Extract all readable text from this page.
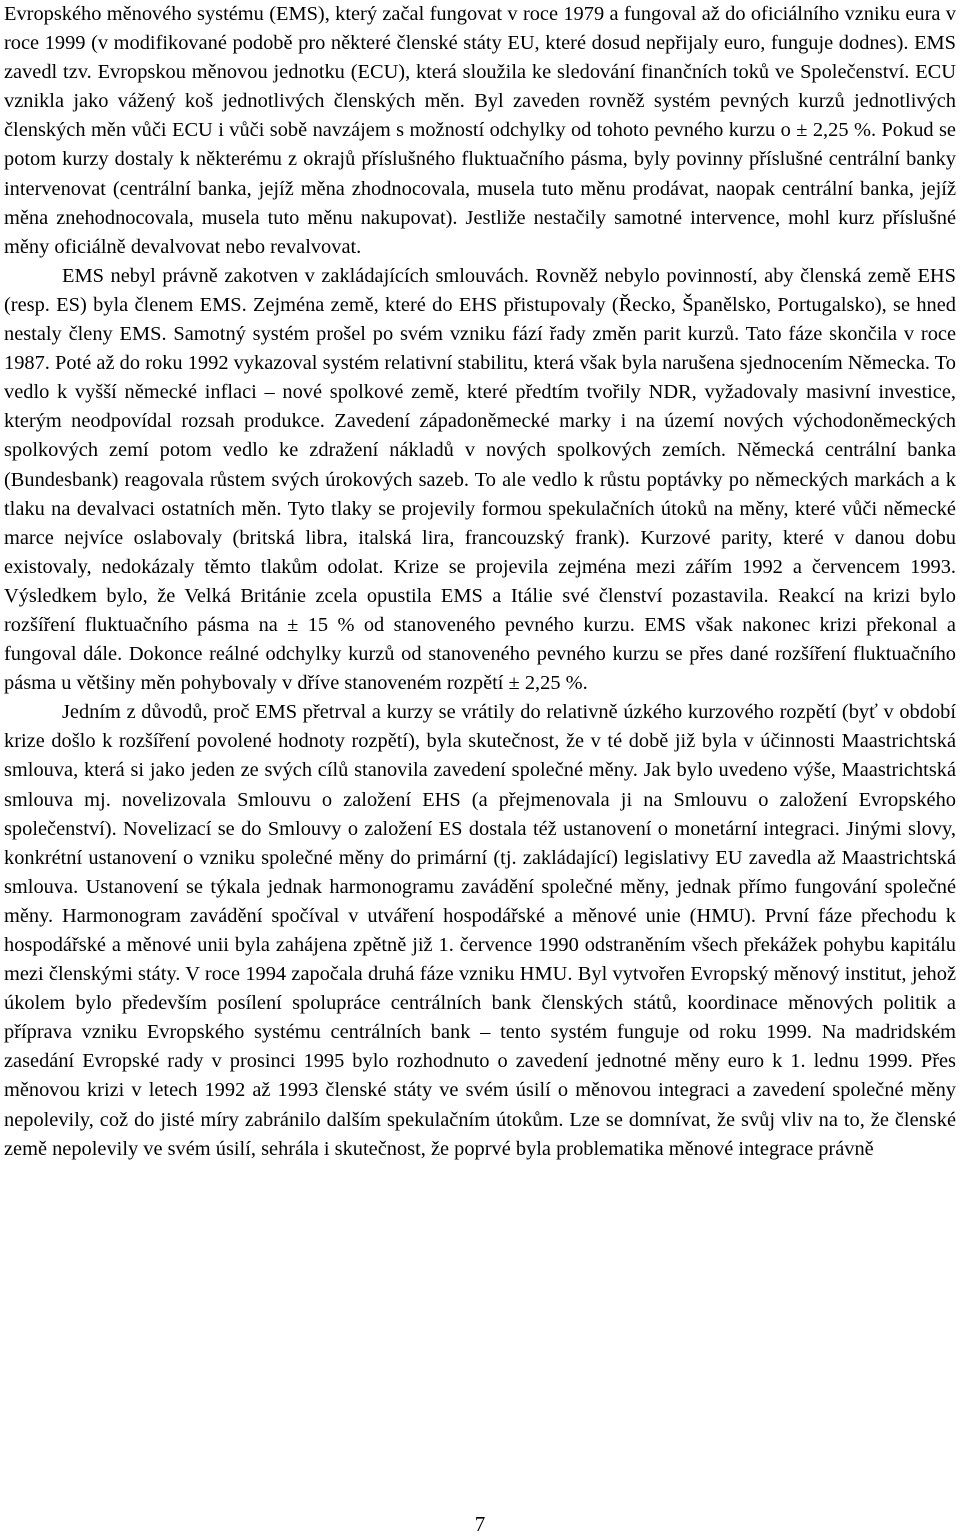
Evropského měnového systému (EMS), který začal fungovat v roce 1979 a fungoval až do oficiálního vzniku eura v roce 1999 (v modifikované podobě pro některé členské státy EU, které dosud nepřijaly euro, funguje dodnes). EMS zavedl tzv. Evropskou měnovou jednotku (ECU), která sloužila ke sledování finančních toků ve Společenství. ECU vznikla jako vážený koš jednotlivých členských měn. Byl zaveden rovněž systém pevných kurzů jednotlivých členských měn vůči ECU i vůči sobě navzájem s možností odchylky od tohoto pevného kurzu o ± 2,25 %. Pokud se potom kurzy dostaly k některému z okrajů příslušného fluktuačního pásma, byly povinny příslušné centrální banky intervenovat (centrální banka, jejíž měna zhodnocovala, musela tuto měnu prodávat, naopak centrální banka, jejíž měna znehodnocovala, musela tuto měnu nakupovat). Jestliže nestačily samotné intervence, mohl kurz příslušné měny oficiálně devalvovat nebo revalvovat.

EMS nebyl právně zakotven v zakládajících smlouvách. Rovněž nebylo povinností, aby členská země EHS (resp. ES) byla členem EMS. Zejména země, které do EHS přistupovaly (Řecko, Španělsko, Portugalsko), se hned nestaly členy EMS. Samotný systém prošel po svém vzniku fází řady změn parit kurzů. Tato fáze skončila v roce 1987. Poté až do roku 1992 vykazoval systém relativní stabilitu, která však byla narušena sjednocením Německa. To vedlo k vyšší německé inflaci – nové spolkové země, které předtím tvořily NDR, vyžadovaly masivní investice, kterým neodpovídal rozsah produkce. Zavedení západoněmecké marky i na území nových východoněmeckých spolkových zemí potom vedlo ke zdražení nákladů v nových spolkových zemích. Německá centrální banka (Bundesbank) reagovala růstem svých úrokových sazeb. To ale vedlo k růstu poptávky po německých markách a k tlaku na devalvaci ostatních měn. Tyto tlaky se projevily formou spekulačních útoků na měny, které vůči německé marce nejvíce oslabovaly (britská libra, italská lira, francouzský frank). Kurzové parity, které v danou dobu existovaly, nedokázaly těmto tlakům odolat. Krize se projevila zejména mezi zářím 1992 a červencem 1993. Výsledkem bylo, že Velká Británie zcela opustila EMS a Itálie své členství pozastavila. Reakcí na krizi bylo rozšíření fluktuačního pásma na ± 15 % od stanoveného pevného kurzu. EMS však nakonec krizi překonal a fungoval dále. Dokonce reálné odchylky kurzů od stanoveného pevného kurzu se přes dané rozšíření fluktuačního pásma u většiny měn pohybovaly v dříve stanoveném rozpětí ± 2,25 %.

Jedním z důvodů, proč EMS přetrval a kurzy se vrátily do relativně úzkého kurzového rozpětí (byť v období krize došlo k rozšíření povolené hodnoty rozpětí), byla skutečnost, že v té době již byla v účinnosti Maastrichtská smlouva, která si jako jeden ze svých cílů stanovila zavedení společné měny. Jak bylo uvedeno výše, Maastrichtská smlouva mj. novelizovala Smlouvu o založení EHS (a přejmenovala ji na Smlouvu o založení Evropského společenství). Novelizací se do Smlouvy o založení ES dostala též ustanovení o monetární integraci. Jinými slovy, konkrétní ustanovení o vzniku společné měny do primární (tj. zakládající) legislativy EU zavedla až Maastrichtská smlouva. Ustanovení se týkala jednak harmonogramu zavádění společné měny, jednak přímo fungování společné měny. Harmonogram zavádění spočíval v utváření hospodářské a měnové unie (HMU). První fáze přechodu k hospodářské a měnové unii byla zahájena zpětně již 1. července 1990 odstraněním všech překážek pohybu kapitálu mezi členskými státy. V roce 1994 započala druhá fáze vzniku HMU. Byl vytvořen Evropský měnový institut, jehož úkolem bylo především posílení spolupráce centrálních bank členských států, koordinace měnových politik a příprava vzniku Evropského systému centrálních bank – tento systém funguje od roku 1999. Na madridském zasedání Evropské rady v prosinci 1995 bylo rozhodnuto o zavedení jednotné měny euro k 1. lednu 1999. Přes měnovou krizi v letech 1992 až 1993 členské státy ve svém úsilí o měnovou integraci a zavedení společné měny nepolevily, což do jisté míry zabránilo dalším spekulačním útokům. Lze se domnívat, že svůj vliv na to, že členské země nepolevily ve svém úsilí, sehrála i skutečnost, že poprvé byla problematika měnové integrace právně

7
